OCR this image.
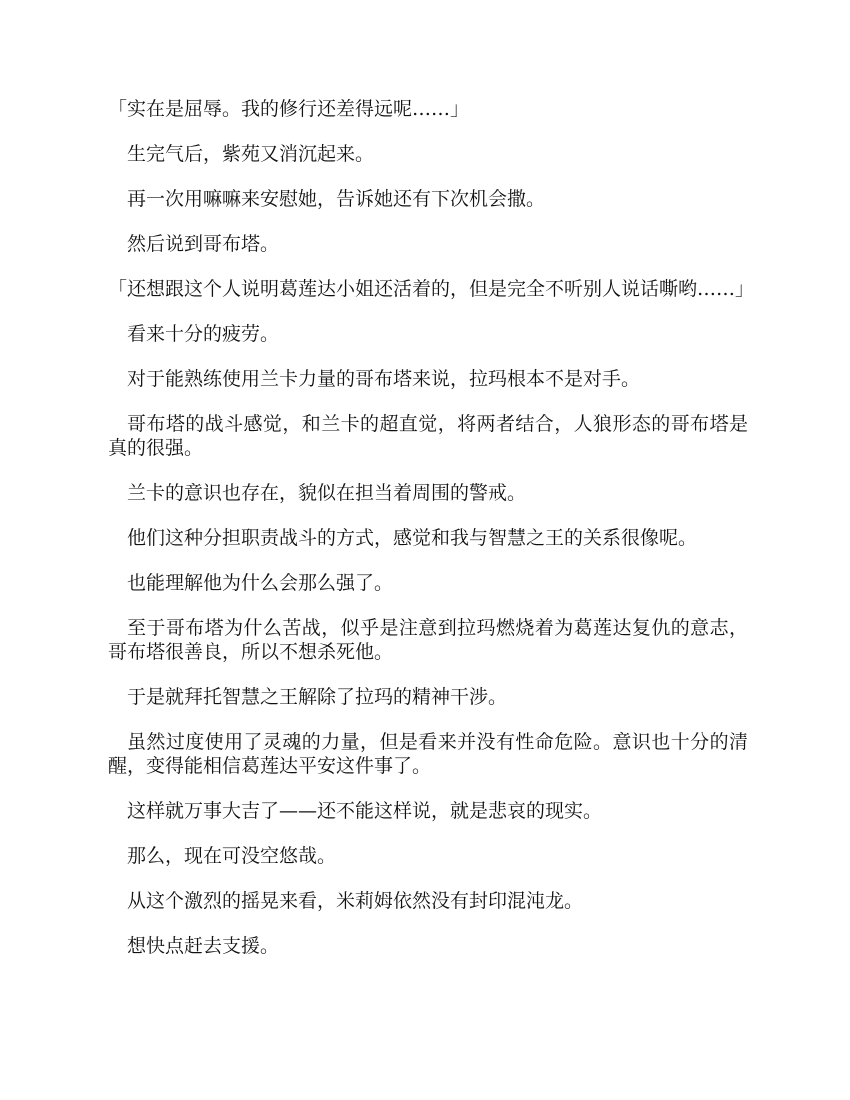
「实在是屈辱。我的修行还差得远呢……」

生完气后，紫苑又消沉起来。

再一次用嘛嘛来安慰她，告诉她还有下次机会撒。

然后说到哥布塔。

「还想跟这个人说明葛莲达小姐还活着的，但是完全不听别人说话嘶哟……」

看来十分的疲劳。

对于能熟练使用兰卡力量的哥布塔来说，拉玛根本不是对手。

哥布塔的战斗感觉，和兰卡的超直觉，将两者结合，人狼形态的哥布塔是真的很强。

兰卡的意识也存在，貌似在担当着周围的警戒。

他们这种分担职责战斗的方式，感觉和我与智慧之王的关系很像呢。

也能理解他为什么会那么强了。

至于哥布塔为什么苦战，似乎是注意到拉玛燃烧着为葛莲达复仇的意志，哥布塔很善良，所以不想杀死他。

于是就拜托智慧之王解除了拉玛的精神干涉。

虽然过度使用了灵魂的力量，但是看来并没有性命危险。意识也十分的清醒，变得能相信葛莲达平安这件事了。

这样就万事大吉了——还不能这样说，就是悲哀的现实。

那么，现在可没空悠哉。

从这个激烈的摇晃来看，米莉姆依然没有封印混沌龙。

想快点赶去支援。
